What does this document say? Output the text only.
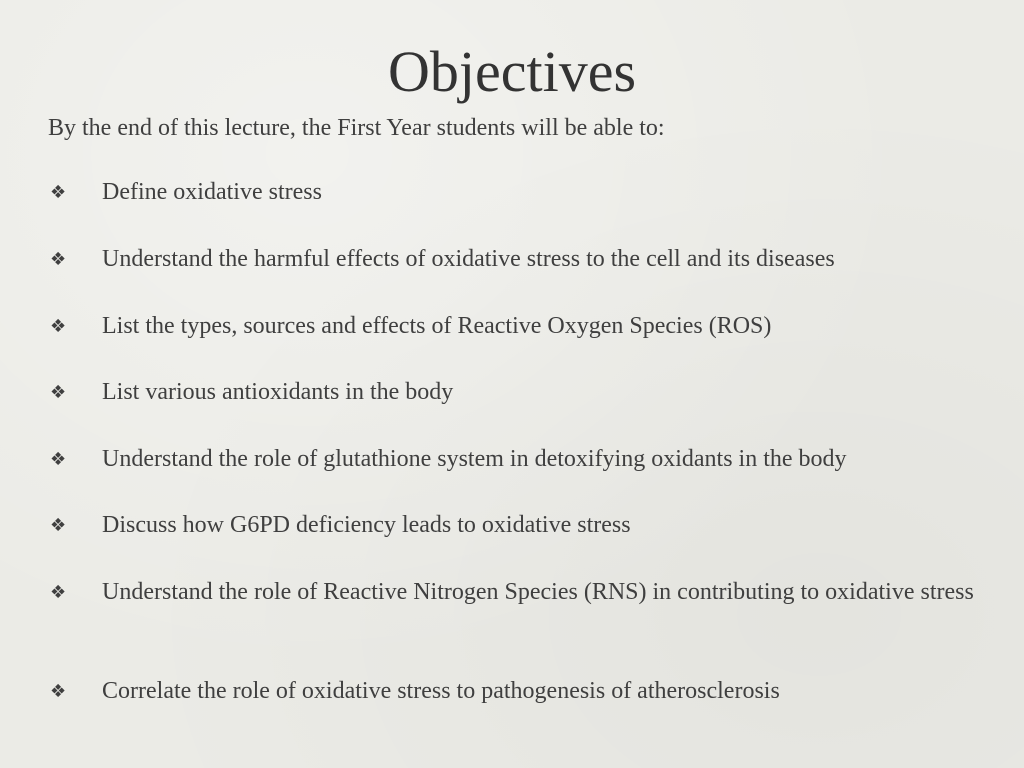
Objectives

By the end of this lecture, the First Year students will be able to:

❖	Define oxidative stress
❖	Understand the harmful effects of oxidative stress to the cell and its diseases
❖	List the types, sources and effects of Reactive Oxygen Species (ROS)
❖	List various antioxidants in the body
❖	Understand the role of glutathione system in detoxifying oxidants in the body
❖	Discuss how G6PD deficiency leads to oxidative stress
❖	Understand the role of Reactive Nitrogen Species (RNS) in contributing to oxidative stress
❖	Correlate the role of oxidative stress to pathogenesis of atherosclerosis
